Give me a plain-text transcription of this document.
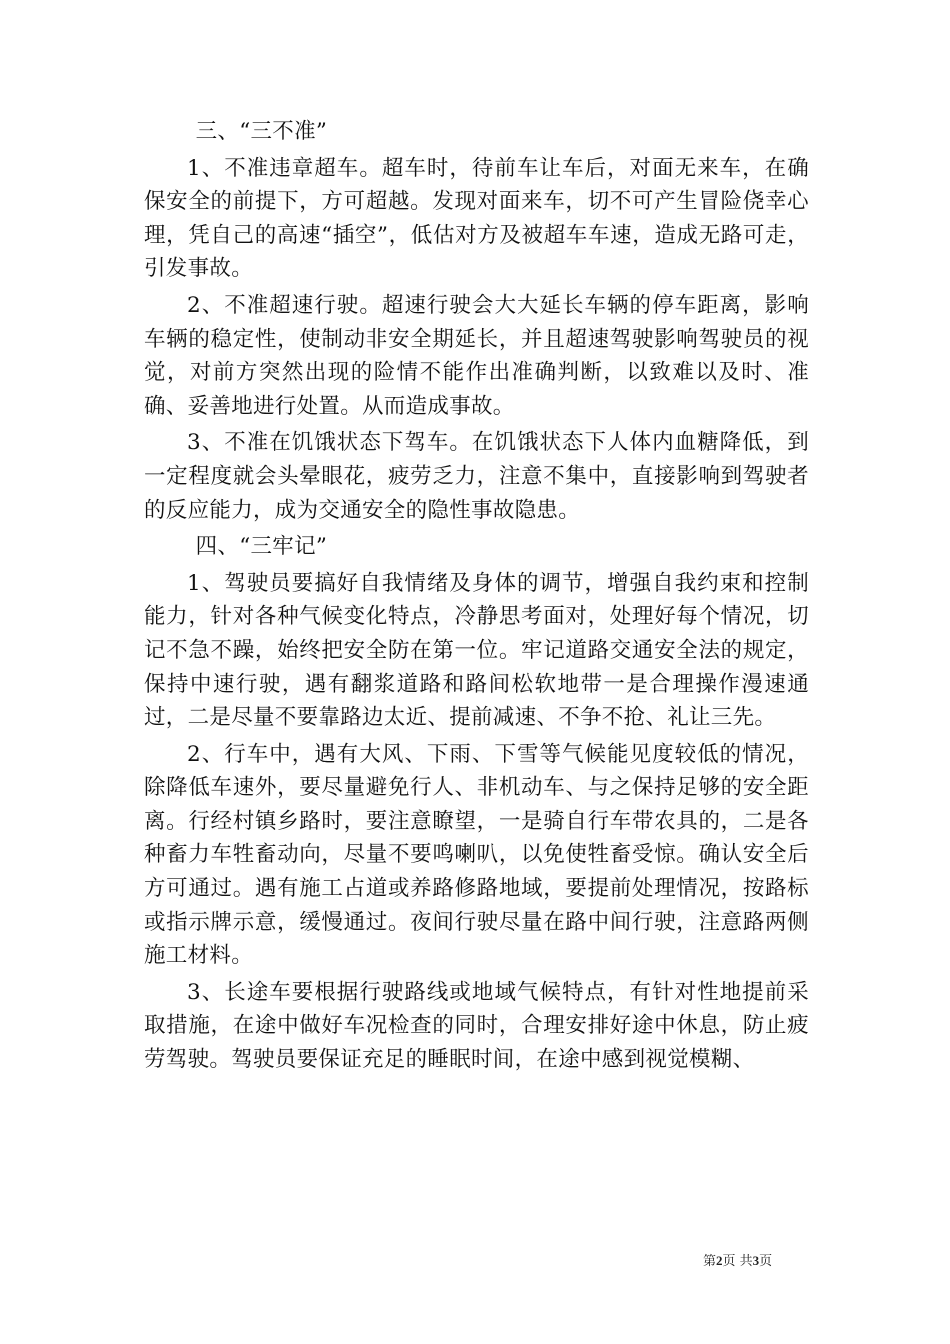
三、“三不准”

1、不准违章超车。超车时，待前车让车后，对面无来车，在确保安全的前提下，方可超越。发现对面来车，切不可产生冒险侥幸心理，凭自己的高速“插空”，低估对方及被超车车速，造成无路可走，引发事故。

2、不准超速行驶。超速行驶会大大延长车辆的停车距离，影响车辆的稳定性，使制动非安全期延长，并且超速驾驶影响驾驶员的视觉，对前方突然出现的险情不能作出准确判断，以致难以及时、准确、妥善地进行处置。从而造成事故。

3、不准在饥饿状态下驾车。在饥饿状态下人体内血糖降低，到一定程度就会头晕眼花，疲劳乏力，注意不集中，直接影响到驾驶者的反应能力，成为交通安全的隐性事故隐患。

四、“三牢记”

1、驾驶员要搞好自我情绪及身体的调节，增强自我约束和控制能力，针对各种气候变化特点，冷静思考面对，处理好每个情况，切记不急不躁，始终把安全防在第一位。牢记道路交通安全法的规定，保持中速行驶，遇有翻浆道路和路间松软地带一是合理操作漫速通过，二是尽量不要靠路边太近、提前减速、不争不抢、礼让三先。

2、行车中，遇有大风、下雨、下雪等气候能见度较低的情况，除降低车速外，要尽量避免行人、非机动车、与之保持足够的安全距离。行经村镇乡路时，要注意瞭望，一是骑自行车带农具的，二是各种畜力车牲畜动向，尽量不要鸣喇叭，以免使牲畜受惊。确认安全后方可通过。遇有施工占道或养路修路地域，要提前处理情况，按路标或指示牌示意，缓慢通过。夜间行驶尽量在路中间行驶，注意路两侧施工材料。

3、长途车要根据行驶路线或地域气候特点，有针对性地提前采取措施，在途中做好车况检查的同时，合理安排好途中休息，防止疲劳驾驶。驾驶员要保证充足的睡眠时间，在途中感到视觉模糊、

第2页 共3页
